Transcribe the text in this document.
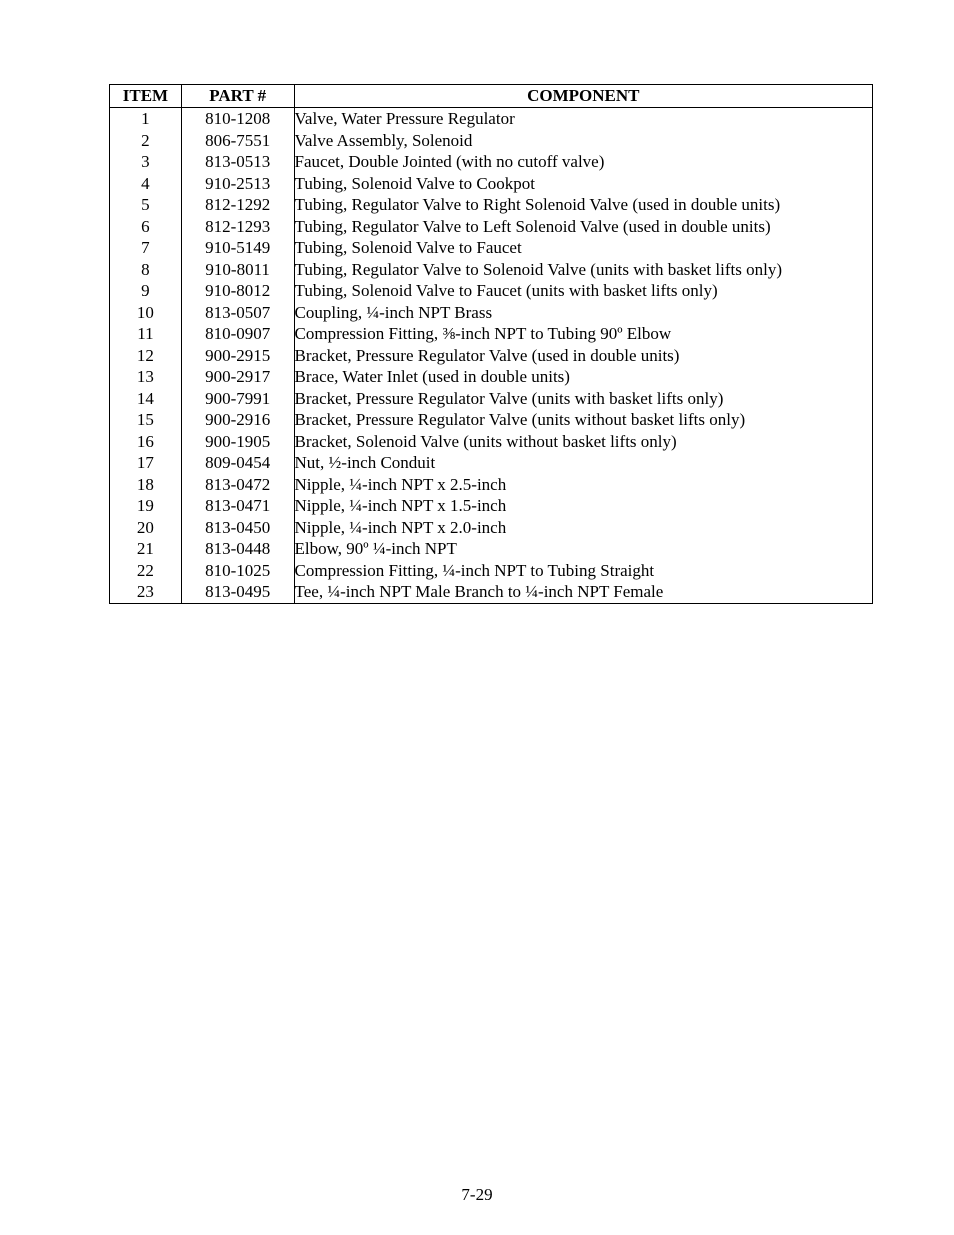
ITEM	PART #	COMPONENT
1	810-1208	Valve, Water Pressure Regulator
2	806-7551	Valve Assembly, Solenoid
3	813-0513	Faucet, Double Jointed (with no cutoff valve)
4	910-2513	Tubing, Solenoid Valve to Cookpot
5	812-1292	Tubing, Regulator Valve to Right Solenoid Valve (used in double units)
6	812-1293	Tubing, Regulator Valve to Left Solenoid Valve (used in double units)
7	910-5149	Tubing, Solenoid Valve to Faucet
8	910-8011	Tubing, Regulator Valve to Solenoid Valve (units with basket lifts only)
9	910-8012	Tubing, Solenoid Valve to Faucet (units with basket lifts only)
10	813-0507	Coupling, ¼-inch NPT Brass
11	810-0907	Compression Fitting, ⅜-inch NPT to Tubing 90º Elbow
12	900-2915	Bracket, Pressure Regulator Valve (used in double units)
13	900-2917	Brace, Water Inlet (used in double units)
14	900-7991	Bracket, Pressure Regulator Valve (units with basket lifts only)
15	900-2916	Bracket, Pressure Regulator Valve (units without basket lifts only)
16	900-1905	Bracket, Solenoid Valve (units without basket lifts only)
17	809-0454	Nut, ½-inch Conduit
18	813-0472	Nipple, ¼-inch NPT x 2.5-inch
19	813-0471	Nipple, ¼-inch NPT x 1.5-inch
20	813-0450	Nipple, ¼-inch NPT x 2.0-inch
21	813-0448	Elbow, 90º ¼-inch NPT
22	810-1025	Compression Fitting, ¼-inch NPT to Tubing Straight
23	813-0495	Tee, ¼-inch NPT Male Branch to ¼-inch NPT Female
7-29
